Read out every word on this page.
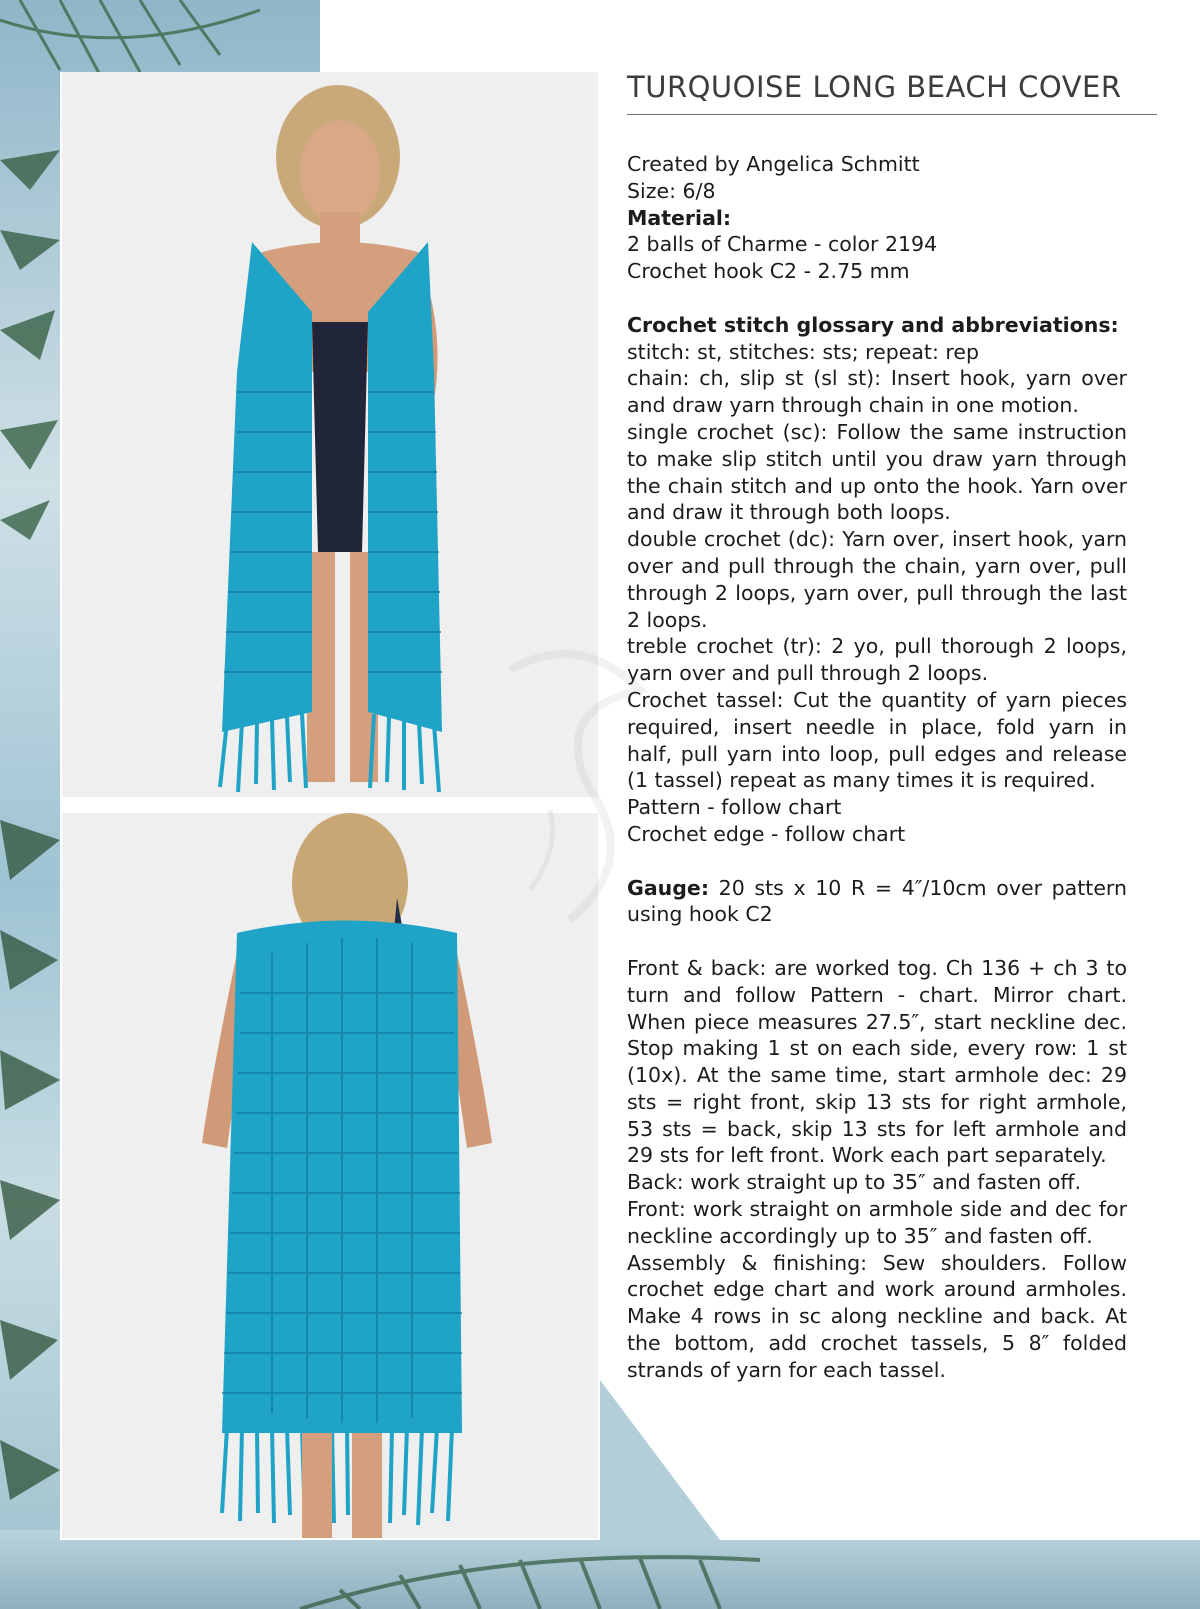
TURQUOISE LONG BEACH COVER

Created by Angelica Schmitt

Size: 6/8

Material:

2 balls of Charme - color 2194

Crochet hook C2 - 2.75 mm

Crochet stitch glossary and abbreviations:

stitch: st, stitches: sts; repeat: rep

chain: ch, slip st (sl st): Insert hook, yarn over and draw yarn through chain in one motion.

single crochet (sc): Follow the same instruction to make slip stitch until you draw yarn through the chain stitch and up onto the hook. Yarn over and draw it through both loops.

double crochet (dc): Yarn over, insert hook, yarn over and pull through the chain, yarn over, pull through 2 loops, yarn over, pull through the last 2 loops.

treble crochet (tr): 2 yo, pull thorough 2 loops, yarn over and pull through 2 loops.

Crochet tassel: Cut the quantity of yarn pieces required, insert needle in place, fold yarn in half, pull yarn into loop, pull edges and release (1 tassel) repeat as many times it is required.

Pattern - follow chart

Crochet edge - follow chart

Gauge: 20 sts x 10 R = 4″/10cm over pattern using hook C2

Front & back: are worked tog. Ch 136 + ch 3 to turn and follow Pattern - chart. Mirror chart. When piece measures 27.5″, start neckline dec. Stop making 1 st on each side, every row: 1 st (10x). At the same time, start armhole dec: 29 sts = right front, skip 13 sts for right armhole, 53 sts = back, skip 13 sts for left armhole and 29 sts for left front. Work each part separately.

Back: work straight up to 35″ and fasten off.

Front: work straight on armhole side and dec for neckline accordingly up to 35″ and fasten off.

Assembly & finishing: Sew shoulders. Follow crochet edge chart and work around armholes. Make 4 rows in sc along neckline and back. At the bottom, add crochet tassels, 5 8″ folded strands of yarn for each tassel.
